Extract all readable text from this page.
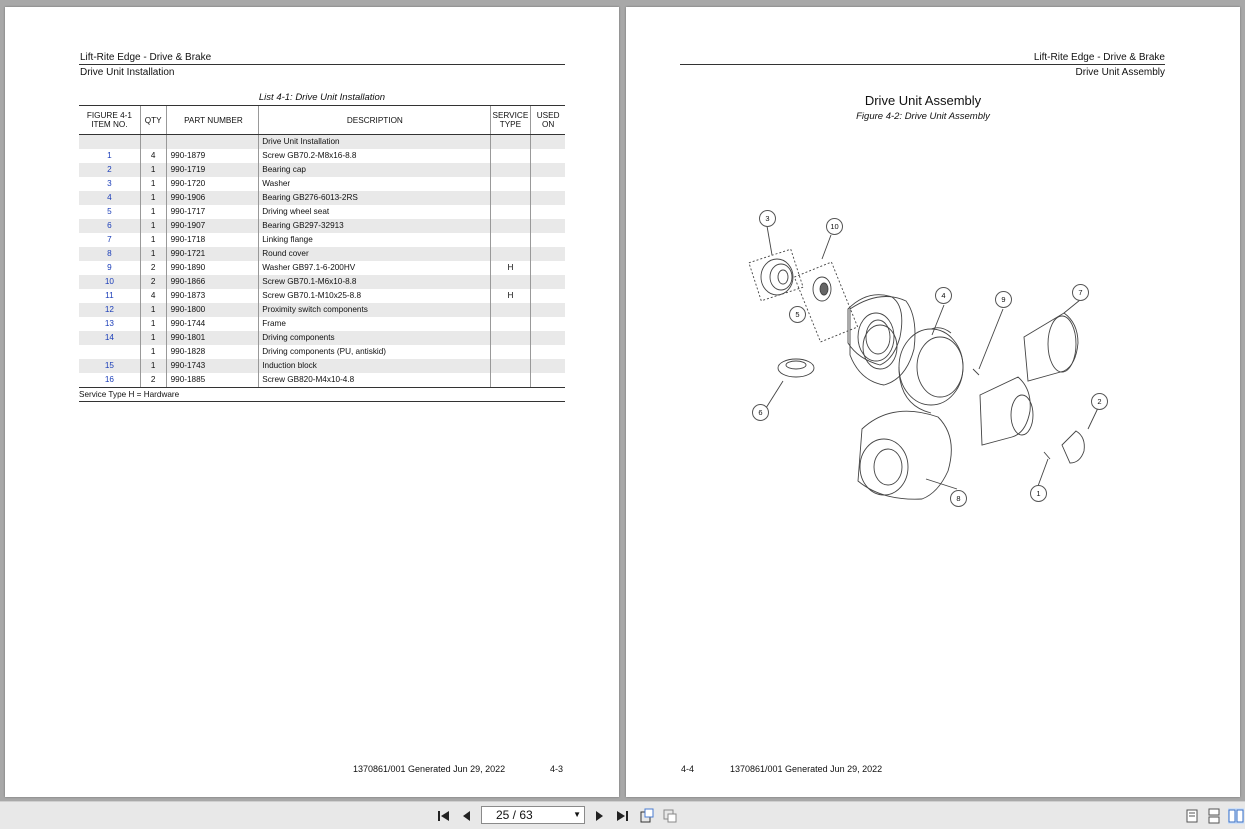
Lift-Rite Edge - Drive & Brake
Drive Unit Installation
List 4-1: Drive Unit Installation
FIGURE 4-1 ITEM NO.	QTY	PART NUMBER	DESCRIPTION	SERVICE TYPE	USED ON
			Drive Unit Installation		
1	4	990-1879	Screw GB70.2-M8x16-8.8		
2	1	990-1719	Bearing cap		
3	1	990-1720	Washer		
4	1	990-1906	Bearing GB276-6013-2RS		
5	1	990-1717	Driving wheel seat		
6	1	990-1907	Bearing GB297-32913		
7	1	990-1718	Linking flange		
8	1	990-1721	Round cover		
9	2	990-1890	Washer GB97.1-6-200HV	H	
10	2	990-1866	Screw GB70.1-M6x10-8.8		
11	4	990-1873	Screw GB70.1-M10x25-8.8	H	
12	1	990-1800	Proximity switch components		
13	1	990-1744	Frame		
14	1	990-1801	Driving components		
	1	990-1828	Driving components (PU, antiskid)		
15	1	990-1743	Induction block		
16	2	990-1885	Screw GB820-M4x10-4.8		
Service Type H = Hardware
1370861/001 Generated Jun 29, 2022	4-3
Lift-Rite Edge - Drive & Brake
Drive Unit Assembly
Drive Unit Assembly
Figure 4-2: Drive Unit Assembly
3
10
5
4	9
7
6
2
1
8
4-4	1370861/001 Generated Jun 29, 2022
25 / 63	▼
